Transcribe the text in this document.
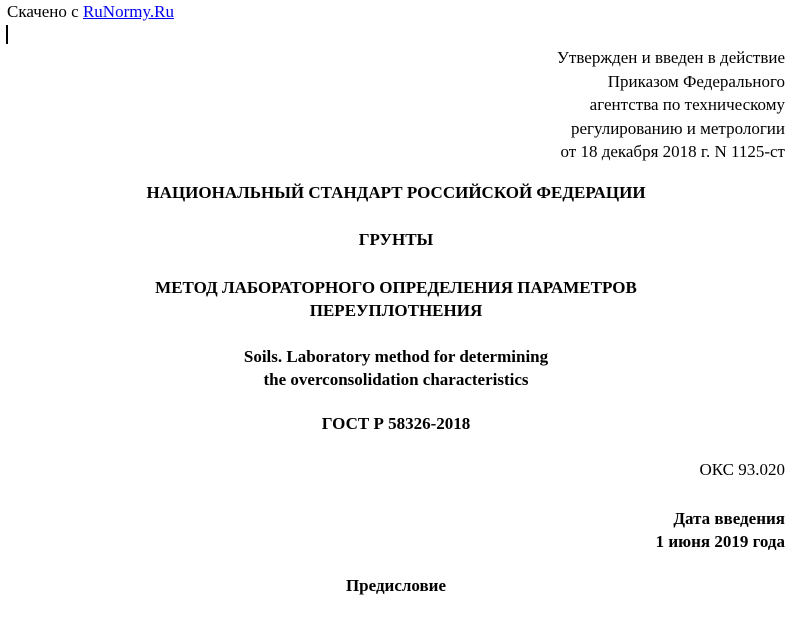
Скачено с RuNormy.Ru
Утвержден и введен в действие
Приказом Федерального
агентства по техническому
регулированию и метрологии
от 18 декабря 2018 г. N 1125-ст
НАЦИОНАЛЬНЫЙ СТАНДАРТ РОССИЙСКОЙ ФЕДЕРАЦИИ
ГРУНТЫ
МЕТОД ЛАБОРАТОРНОГО ОПРЕДЕЛЕНИЯ ПАРАМЕТРОВ
ПЕРЕУПЛОТНЕНИЯ
Soils. Laboratory method for determining
the overconsolidation characteristics
ГОСТ Р 58326-2018
ОКС 93.020
Дата введения
1 июня 2019 года
Предисловие
